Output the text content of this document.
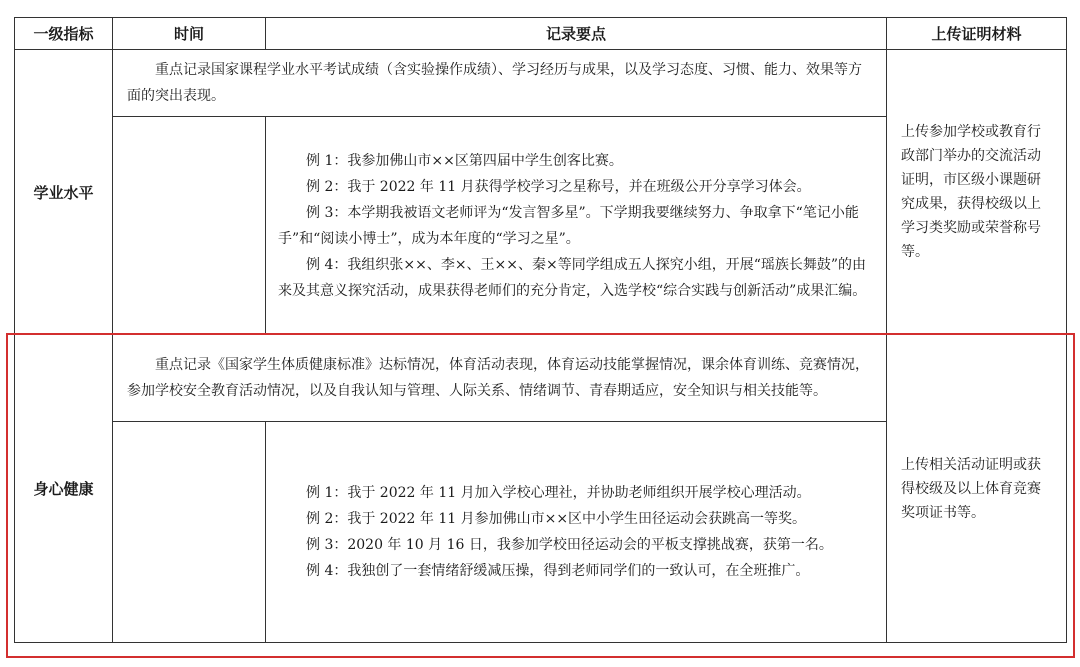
一级指标	时间	记录要点	上传证明材料
学业水平	重点记录国家课程学业水平考试成绩（含实验操作成绩）、学习经历与成果，以及学习态度、习惯、能力、效果等方面的突出表现。		上传参加学校或教育行政部门举办的交流活动证明，市区级小课题研究成果，获得校级以上学习类奖励或荣誉称号等。

		例 1：我参加佛山市××区第四届中学生创客比赛。

例 2：我于 2022 年 11 月获得学校学习之星称号，并在班级公开分享学习体会。

例 3：本学期我被语文老师评为“发言智多星”。下学期我要继续努力、争取拿下“笔记小能手”和“阅读小博士”，成为本年度的“学习之星”。

例 4：我组织张××、李×、王××、秦×等同学组成五人探究小组，开展“瑶族长舞鼓”的由来及其意义探究活动，成果获得老师们的充分肯定，入选学校“综合实践与创新活动”成果汇编。	

身心健康	重点记录《国家学生体质健康标准》达标情况，体育活动表现，体育运动技能掌握情况，课余体育训练、竞赛情况，参加学校安全教育活动情况，以及自我认知与管理、人际关系、情绪调节、青春期适应，安全知识与相关技能等。		上传相关活动证明或获得校级及以上体育竞赛奖项证书等。

		例 1：我于 2022 年 11 月加入学校心理社，并协助老师组织开展学校心理活动。

例 2：我于 2022 年 11 月参加佛山市××区中小学生田径运动会获跳高一等奖。

例 3：2020 年 10 月 16 日，我参加学校田径运动会的平板支撑挑战赛，获第一名。

例 4：我独创了一套情绪舒缓减压操，得到老师同学们的一致认可，在全班推广。	
